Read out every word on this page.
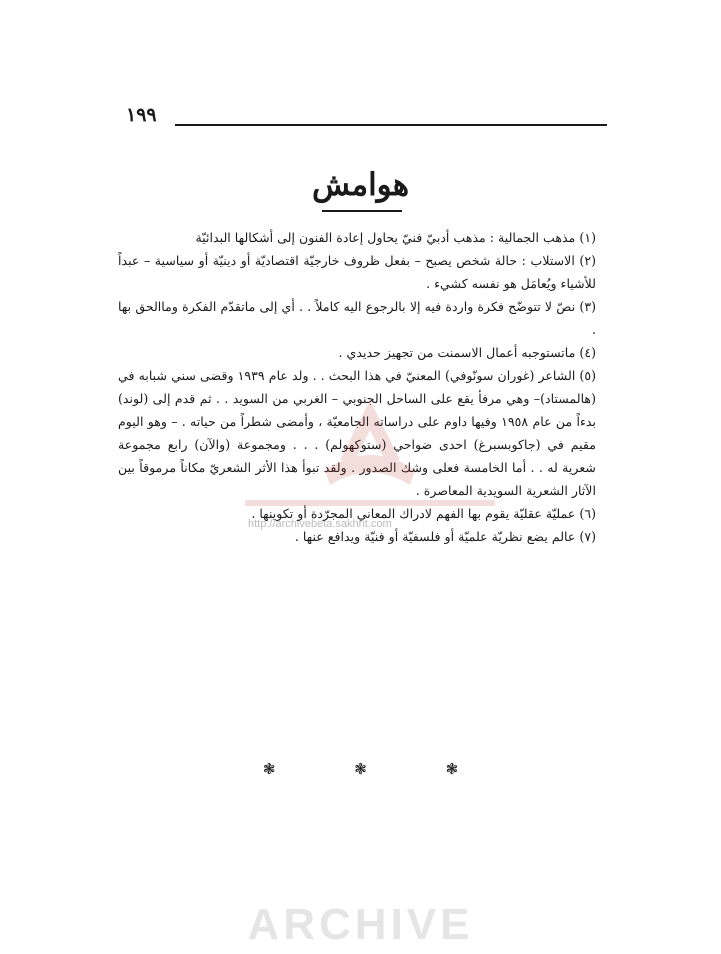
١٩٩
هوامش

(١) مذهب الجمالية : مذهب أدبيّ فنيّ يحاول إعادة الفنون إلى أشكالها البدائيّة

(٢) الاستلاب : حالة شخص يصبح – بفعل ظروف خارجيّة اقتصاديّة أو دينيّة أو سياسية – عبداً للأشياء ويُعامَل هو نفسه كشيء .

(٣) نصّ لا تتوضّح فكرة واردة فيه إلا بالرجوع اليه كاملاً . . أي إلى ماتقدّم الفكرة وماالحق بها .

(٤) ماتستوجبه أعمال الاسمنت من تجهيز حديدي .

(٥) الشاعر (غوران سونّوفي) المعنيّ في هذا البحث . . ولد عام ١٩٣٩ وقضى سني شبابه في (هالمستاد)– وهي مرفأ يقع على الساحل الجنوبي – الغربي من السويد . . ثم قدم إلى (لوند) بدءاً من عام ١٩٥٨ وفيها داوم على دراساته الجامعيّة ، وأمضى شطراً من حياته . – وهو اليوم مقيم في (جاكوبسبرغ) احدى ضواحي (ستوكهولم) . . . ومجموعة (والآن) رابع مجموعة شعرية له . . أما الخامسة فعلى وشك الصدور . ولقد تبوأ هذا الأثر الشعريّ مكاناً مرموقاً بين الآثار الشعرية السويدية المعاصرة .

(٦) عمليّة عقليّة يقوم بها الفهم لادراك المعاني المجرّدة أو تكوينها .

(٧) عالم يضع نظريّة علميّة أو فلسفيّة أو فنيّة ويدافع عنها .

http://archivebeta.sakhrit.com
❃	❃	❃
ARCHIVE
